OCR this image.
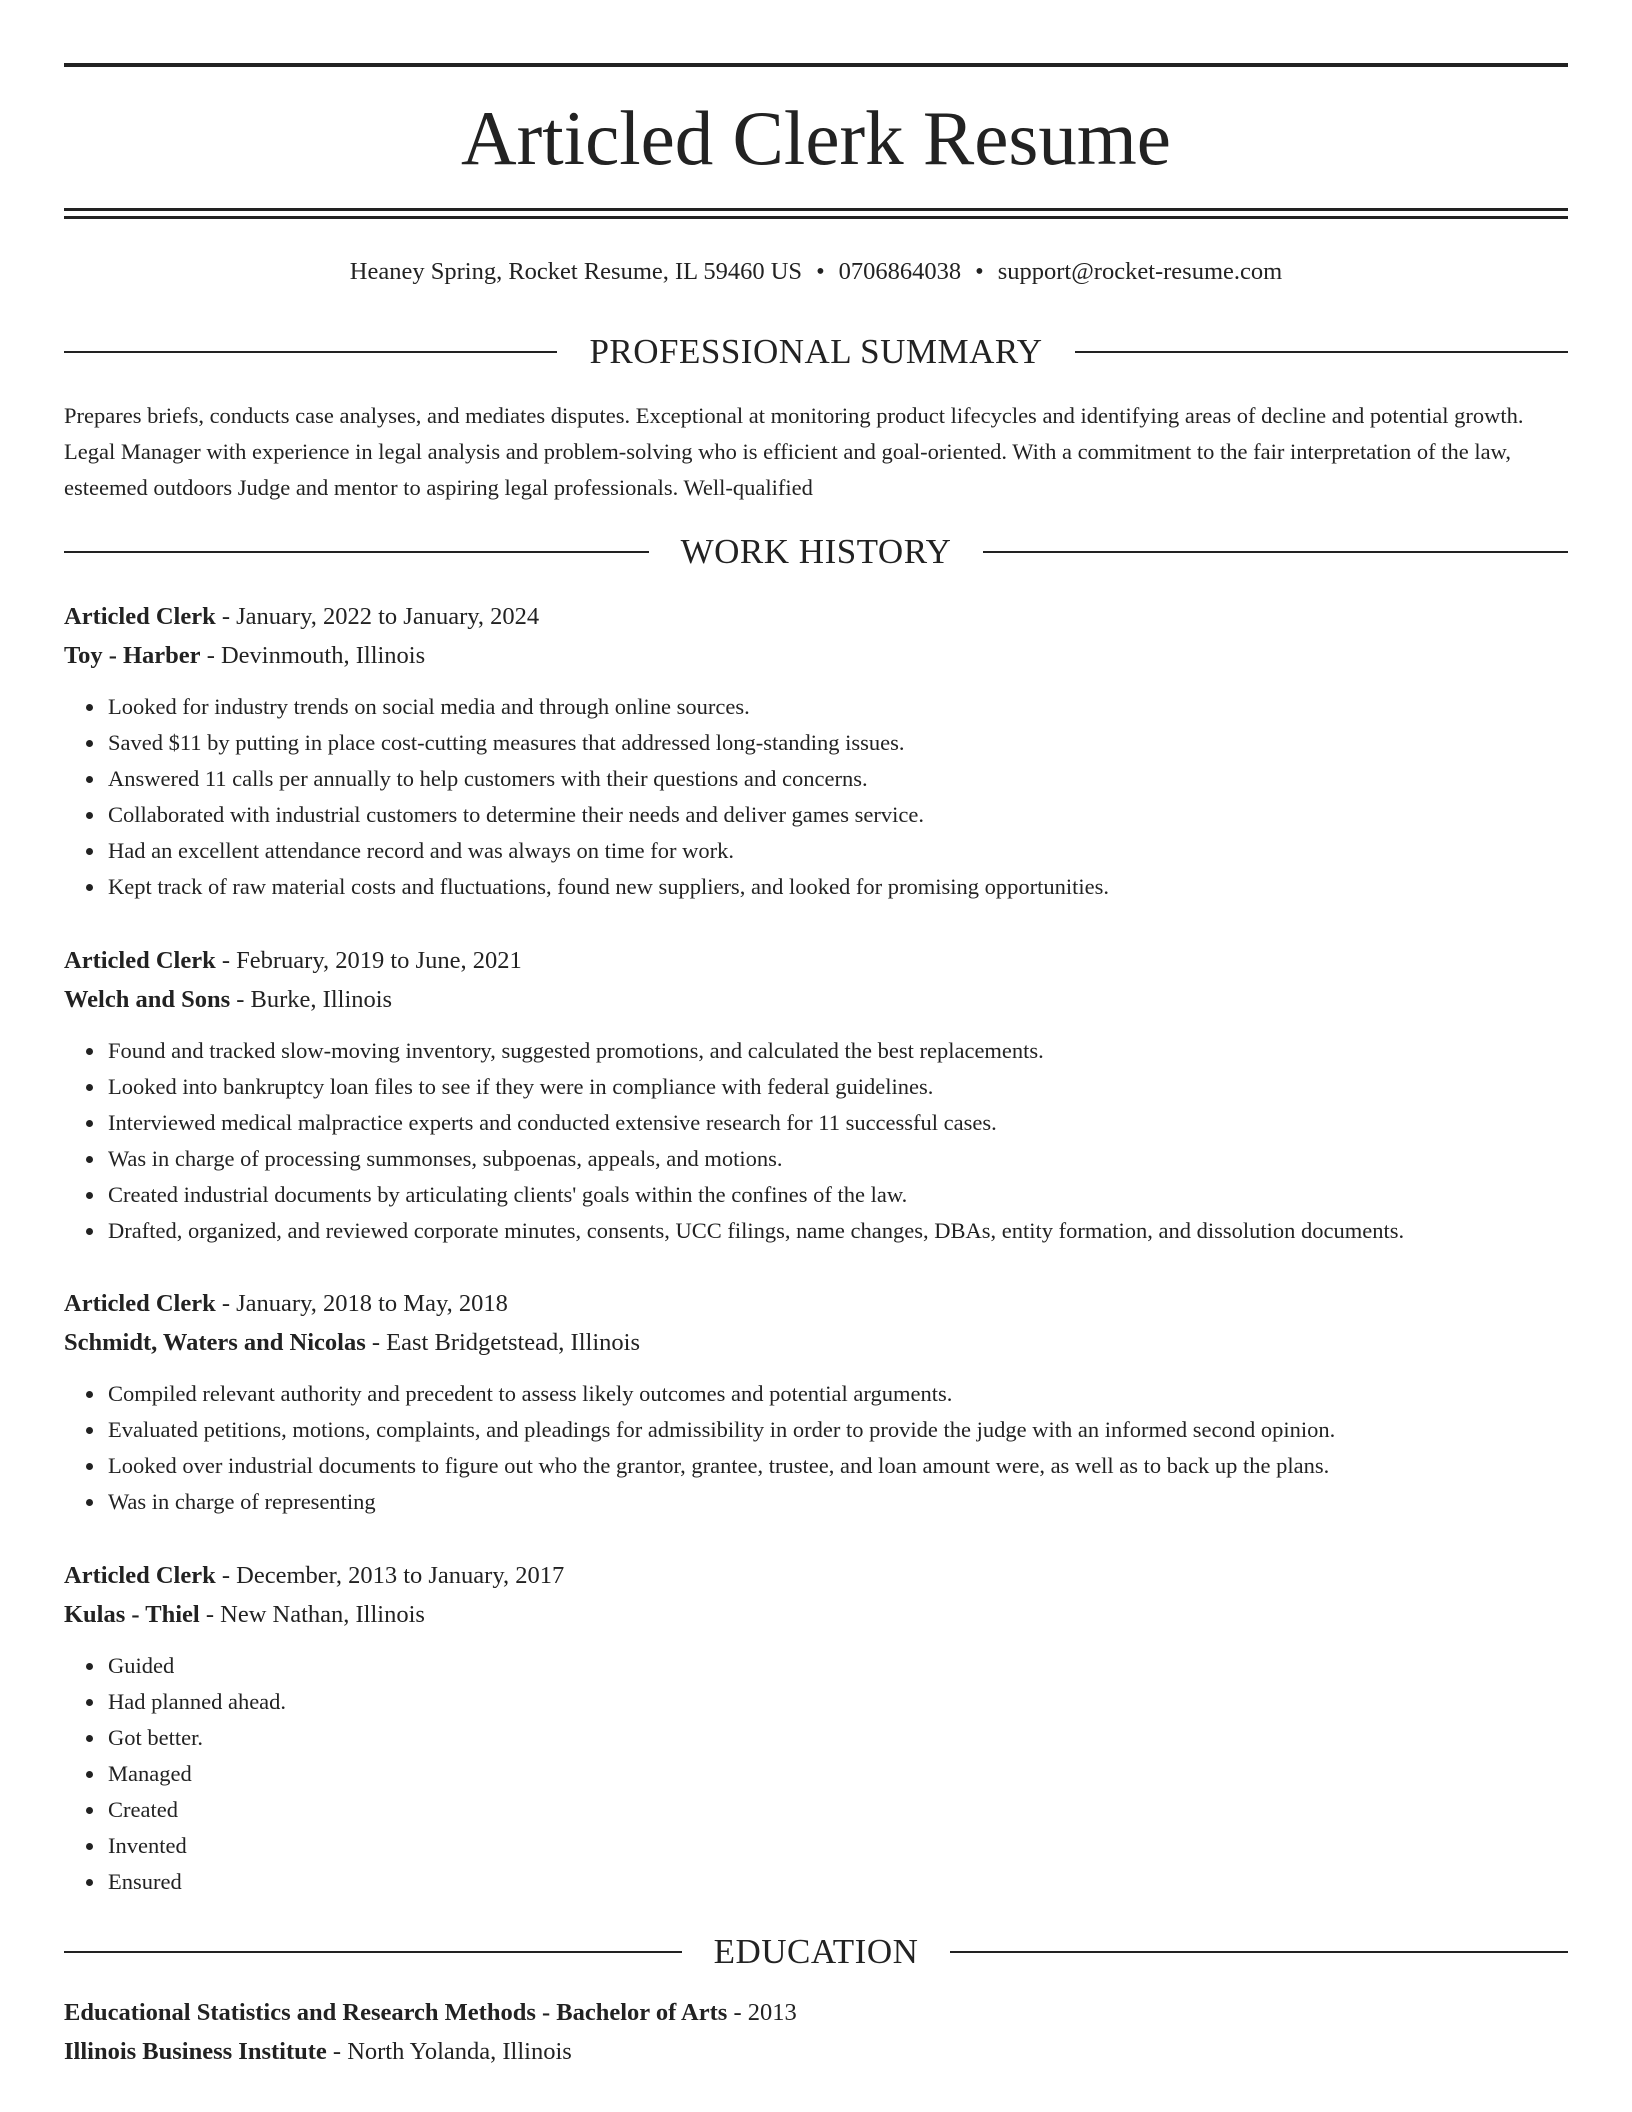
Articled Clerk Resume
Heaney Spring, Rocket Resume, IL 59460 US • 0706864038 • support@rocket-resume.com
PROFESSIONAL SUMMARY
Prepares briefs, conducts case analyses, and mediates disputes. Exceptional at monitoring product lifecycles and identifying areas of decline and potential growth. Legal Manager with experience in legal analysis and problem-solving who is efficient and goal-oriented. With a commitment to the fair interpretation of the law, esteemed outdoors Judge and mentor to aspiring legal professionals. Well-qualified
WORK HISTORY
Articled Clerk - January, 2022 to January, 2024
Toy - Harber - Devinmouth, Illinois
Looked for industry trends on social media and through online sources.
Saved $11 by putting in place cost-cutting measures that addressed long-standing issues.
Answered 11 calls per annually to help customers with their questions and concerns.
Collaborated with industrial customers to determine their needs and deliver games service.
Had an excellent attendance record and was always on time for work.
Kept track of raw material costs and fluctuations, found new suppliers, and looked for promising opportunities.
Articled Clerk - February, 2019 to June, 2021
Welch and Sons - Burke, Illinois
Found and tracked slow-moving inventory, suggested promotions, and calculated the best replacements.
Looked into bankruptcy loan files to see if they were in compliance with federal guidelines.
Interviewed medical malpractice experts and conducted extensive research for 11 successful cases.
Was in charge of processing summonses, subpoenas, appeals, and motions.
Created industrial documents by articulating clients' goals within the confines of the law.
Drafted, organized, and reviewed corporate minutes, consents, UCC filings, name changes, DBAs, entity formation, and dissolution documents.
Articled Clerk - January, 2018 to May, 2018
Schmidt, Waters and Nicolas - East Bridgetstead, Illinois
Compiled relevant authority and precedent to assess likely outcomes and potential arguments.
Evaluated petitions, motions, complaints, and pleadings for admissibility in order to provide the judge with an informed second opinion.
Looked over industrial documents to figure out who the grantor, grantee, trustee, and loan amount were, as well as to back up the plans.
Was in charge of representing
Articled Clerk - December, 2013 to January, 2017
Kulas - Thiel - New Nathan, Illinois
Guided
Had planned ahead.
Got better.
Managed
Created
Invented
Ensured
EDUCATION
Educational Statistics and Research Methods - Bachelor of Arts - 2013
Illinois Business Institute - North Yolanda, Illinois
